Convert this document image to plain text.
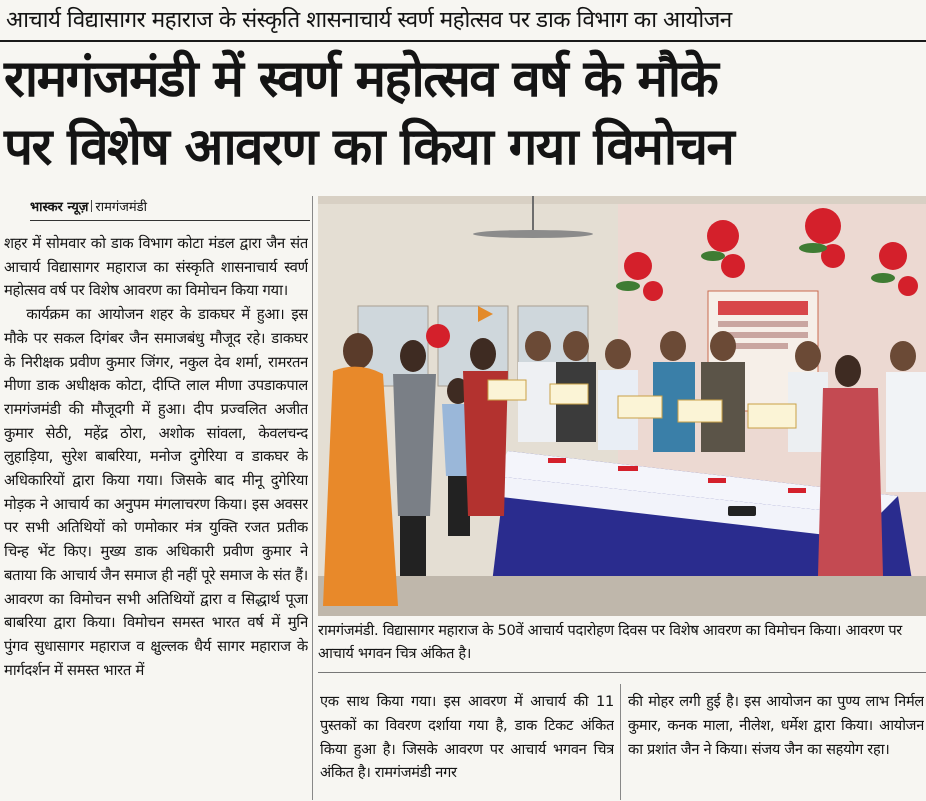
आचार्य विद्यासागर महाराज के संस्कृति शासनाचार्य स्वर्ण महोत्सव पर डाक विभाग का आयोजन
रामगंजमंडी में स्वर्ण महोत्सव वर्ष के मौके
पर विशेष आवरण का किया गया विमोचन
भास्कर न्यूज़ रामगंजमंडी

शहर में सोमवार को डाक विभाग कोटा मंडल द्वारा जैन संत आचार्य विद्यासागर महाराज का संस्कृति शासनाचार्य स्वर्ण महोत्सव वर्ष पर विशेष आवरण का विमोचन किया गया।

कार्यक्रम का आयोजन शहर के डाकघर में हुआ। इस मौके पर सकल दिगंबर जैन समाजबंधु मौजूद रहे। डाकघर के निरीक्षक प्रवीण कुमार जिंगर, नकुल देव शर्मा, रामरतन मीणा डाक अधीक्षक कोटा, दीप्ति लाल मीणा उपडाकपाल रामगंजमंडी की मौजूदगी में हुआ। दीप प्रज्वलित अजीत कुमार सेठी, महेंद्र ठोरा, अशोक सांवला, केवलचन्द लुहाड़िया, सुरेश बाबरिया, मनोज दुगेरिया व डाकघर के अधिकारियों द्वारा किया गया। जिसके बाद मीनू दुगेरिया मोड़क ने आचार्य का अनुपम मंगलाचरण किया। इस अवसर पर सभी अतिथियों को णमोकार मंत्र युक्ति रजत प्रतीक चिन्ह भेंट किए। मुख्य डाक अधिकारी प्रवीण कुमार ने बताया कि आचार्य जैन समाज ही नहीं पूरे समाज के संत हैं। आवरण का विमोचन सभी अतिथियों द्वारा व सिद्धार्थ पूजा बाबरिया द्वारा किया। विमोचन समस्त भारत वर्ष में मुनि पुंगव सुधासागर महाराज व क्षुल्लक धैर्य सागर महाराज के मार्गदर्शन में समस्त भारत में

रामगंजमंडी. विद्यासागर महाराज के 50वें आचार्य पदारोहण दिवस पर विशेष आवरण का विमोचन किया। आवरण पर आचार्य भगवन चित्र अंकित है।
एक साथ किया गया। इस आवरण में आचार्य की 11 पुस्तकों का विवरण दर्शाया गया है, डाक टिकट अंकित किया हुआ है। जिसके आवरण पर आचार्य भगवन चित्र अंकित है। रामगंजमंडी नगर
की मोहर लगी हुई है। इस आयोजन का पुण्य लाभ निर्मल कुमार, कनक माला, नीलेश, धर्मेश द्वारा किया। आयोजन का प्रशांत जैन ने किया। संजय जैन का सहयोग रहा।
